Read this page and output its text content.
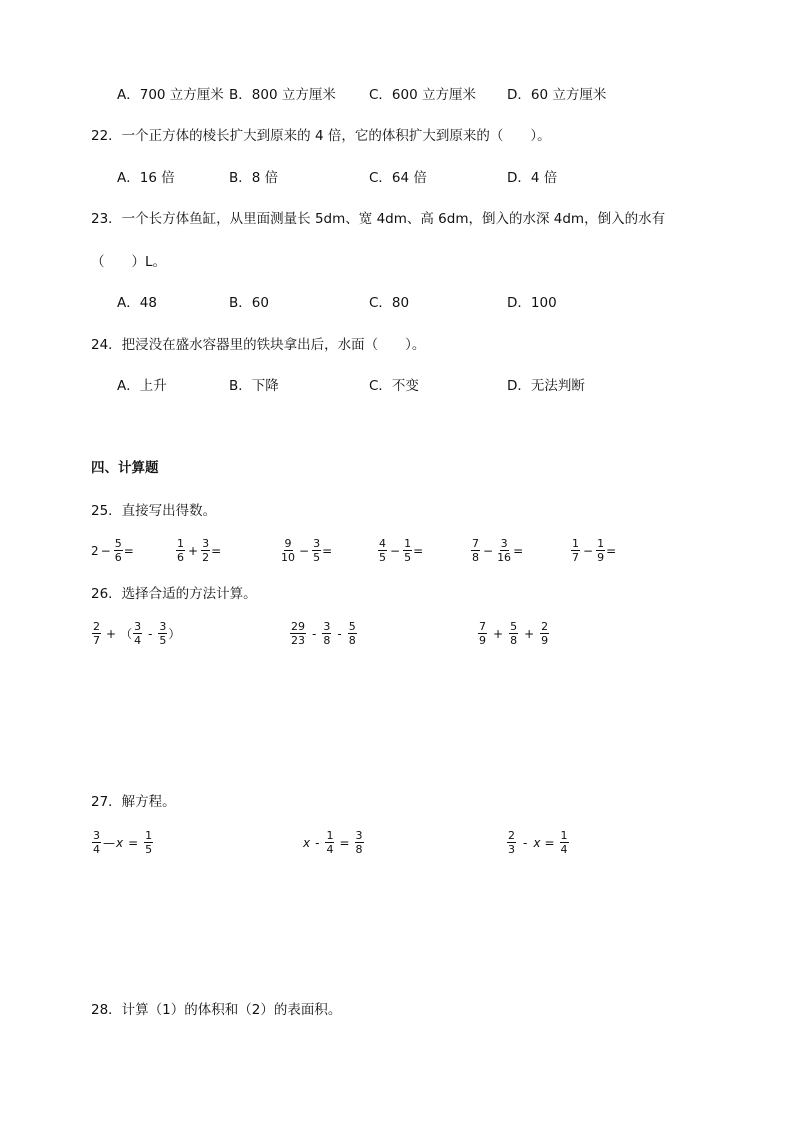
A．700 立方厘米 B．800 立方厘米 C．600 立方厘米 D．60 立方厘米
22．一个正方体的棱长扩大到原来的 4 倍，它的体积扩大到原来的（　　）。
A．16 倍	B．8 倍	C．64 倍	D．4 倍
23．一个长方体鱼缸，从里面测量长 5dm、宽 4dm、高 6dm，倒入的水深 4dm，倒入的水有
（　　）L。
A．48	B．60	C．80	D．100
24．把浸没在盛水容器里的铁块拿出后，水面（　　）。
A．上升	B．下降	C．不变	D．无法判断
四、计算题
25．直接写出得数。
$2 - \frac{5}{6}$ =	$\frac{1}{6} + \frac{3}{2}$ =	$\frac{9}{10} - \frac{3}{5}$ =	$\frac{4}{5} - \frac{1}{5}$ =	$\frac{7}{8} - \frac{3}{16}$ =	$\frac{1}{7} - \frac{1}{9}$ =
26．选择合适的方法计算。
$\frac{2}{7}$ + （ $\frac{3}{4} - \frac{3}{5}$ ）	$\frac{29}{23} - \frac{3}{8} - \frac{5}{8}$	$\frac{7}{9} + \frac{5}{8} + \frac{2}{9}$
27．解方程。
$\frac{3}{4}$ — $x = \frac{1}{5}$	$x - \frac{1}{4} = \frac{3}{8}$	$\frac{2}{3} - x = \frac{1}{4}$
28．计算（1）的体积和（2）的表面积。
